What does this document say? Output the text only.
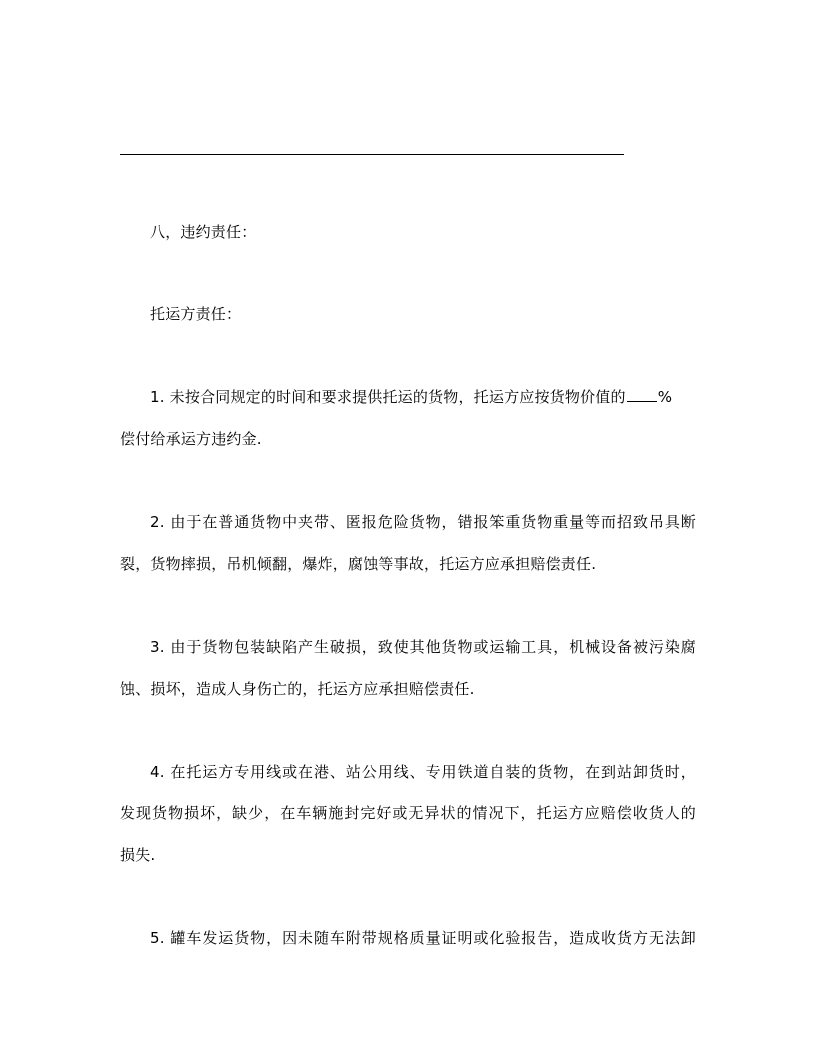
八，违约责任：
托运方责任：
1. 未按合同规定的时间和要求提供托运的货物，托运方应按货物价值的 %
偿付给承运方违约金.
2. 由于在普通货物中夹带、匿报危险货物，错报笨重货物重量等而招致吊具断
裂，货物摔损，吊机倾翻，爆炸，腐蚀等事故，托运方应承担赔偿责任.
3. 由于货物包装缺陷产生破损，致使其他货物或运输工具，机械设备被污染腐
蚀、损坏，造成人身伤亡的，托运方应承担赔偿责任.
4. 在托运方专用线或在港、站公用线、专用铁道自装的货物，在到站卸货时，
发现货物损坏，缺少，在车辆施封完好或无异状的情况下，托运方应赔偿收货人的
损失.
5. 罐车发运货物，因未随车附带规格质量证明或化验报告，造成收货方无法卸
